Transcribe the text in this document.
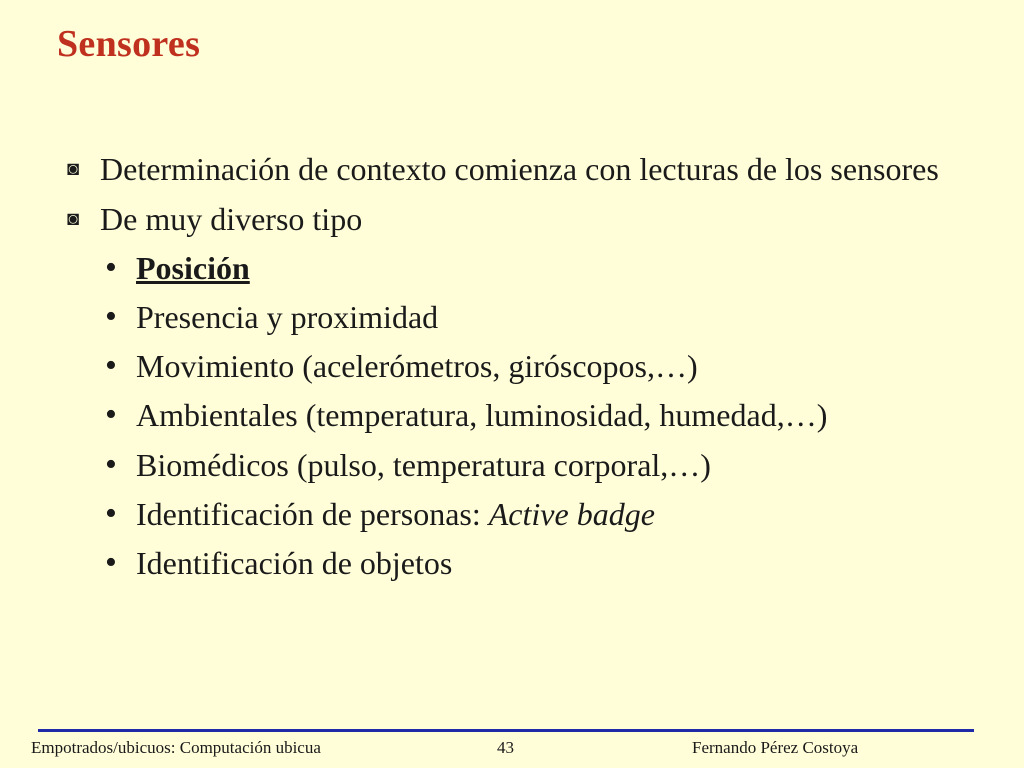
Sensores
◙ Determinación de contexto comienza con lecturas de los sensores
◙ De muy diverso tipo
• Posición
• Presencia y proximidad
• Movimiento (acelerómetros, giróscopos,…)
• Ambientales (temperatura, luminosidad, humedad,…)
• Biomédicos (pulso, temperatura corporal,…)
• Identificación de personas: Active badge
• Identificación de objetos
Empotrados/ubicuos: Computación ubicua	43	Fernando Pérez Costoya
